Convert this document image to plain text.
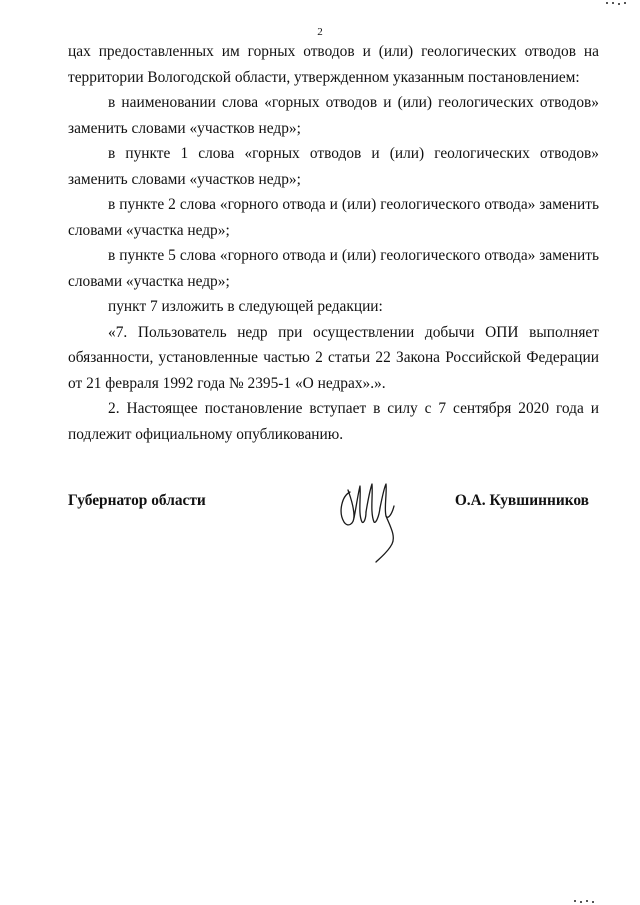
2

цах предоставленных им горных отводов и (или) геологических отводов на территории Вологодской области, утвержденном указанным постановлением:

в наименовании слова «горных отводов и (или) геологических отводов» заменить словами «участков недр»;

в пункте 1 слова «горных отводов и (или) геологических отводов» заменить словами «участков недр»;

в пункте 2 слова «горного отвода и (или) геологического отвода» заменить словами «участка недр»;

в пункте 5 слова «горного отвода и (или) геологического отвода» заменить словами «участка недр»;

пункт 7 изложить в следующей редакции:

«7. Пользователь недр при осуществлении добычи ОПИ выполняет обязанности, установленные частью 2 статьи 22 Закона Российской Федерации от 21 февраля 1992 года № 2395-1 «О недрах».».

2. Настоящее постановление вступает в силу с 7 сентября 2020 года и подлежит официальному опубликованию.

Губернатор области	О.А. Кувшинников
